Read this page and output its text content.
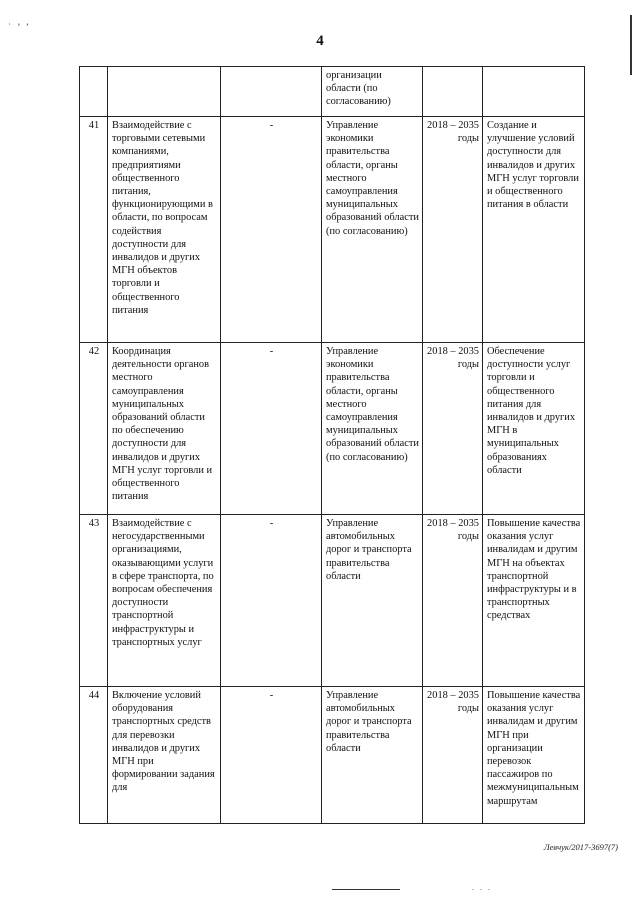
˙ ’ ’
4
			организации области (по согласованию)		
41	Взаимодействие с торговыми сетевыми компаниями, предприятиями общественного питания, функционирующими в области, по вопросам содействия доступности для инвалидов и других МГН объектов торговли и общественного питания	-	Управление экономики правительства области, органы местного самоуправления муниципальных образований области (по согласованию)	2018 – 2035 годы	Создание и улучшение условий доступности для инвалидов и других МГН услуг торговли и общественного питания в области
42	Координация деятельности органов местного самоуправления муниципальных образований области по обеспечению доступности для инвалидов и других МГН услуг торговли и общественного питания	-	Управление экономики правительства области, органы местного самоуправления муниципальных образований области (по согласованию)	2018 – 2035 годы	Обеспечение доступности услуг торговли и общественного питания для инвалидов и других МГН в муниципальных образованиях области
43	Взаимодействие с негосударственными организациями, оказывающими услуги в сфере транспорта, по вопросам обеспечения доступности транспортной инфраструктуры и транспортных услуг	-	Управление автомобильных дорог и транспорта правительства области	2018 – 2035 годы	Повышение качества оказания услуг инвалидам и другим МГН на объектах транспортной инфраструктуры и в транспортных средствах
44	Включение условий оборудования транспортных средств для перевозки инвалидов и других МГН при формировании задания для	-	Управление автомобильных дорог и транспорта правительства области	2018 – 2035 годы	Повышение качества оказания услуг инвалидам и другим МГН при организации перевозок пассажиров по межмуниципальным маршрутам
Левчук/2017-3697(7)
. . .
